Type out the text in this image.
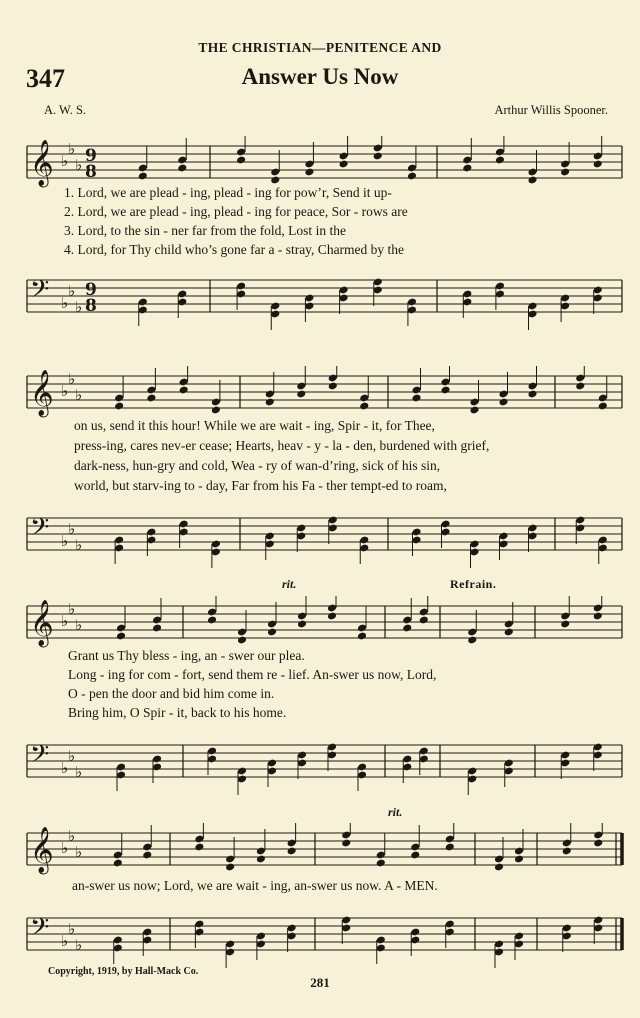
THE CHRISTIAN—PENITENCE AND
347	Answer Us Now
A. W. S.	Arthur Willis Spooner.
𝄞 ♭
♭
♭ 9
8
1. Lord, we are plead - ing, plead - ing for pow’r, Send it up-
2. Lord, we are plead - ing, plead - ing for peace, Sor - rows are
3. Lord, to the sin - ner far from the fold, Lost in the
4. Lord, for Thy child who’s gone far a - stray, Charmed by the
𝄢 ♭
♭
♭
9
8
𝄞 ♭
♭
♭
on us, send it this hour! While we are wait - ing, Spir - it, for Thee,
press-ing, cares nev-er cease; Hearts, heav - y - la - den, burdened with grief,
dark-ness, hun-gry and cold, Wea - ry of wan-d’ring, sick of his sin,
world, but starv-ing to - day, Far from his Fa - ther tempt-ed to roam,
𝄢 ♭
♭
♭
rit.	Refrain.
𝄞 ♭
♭
♭
Grant us Thy bless - ing, an - swer our plea.
Long - ing for com - fort, send them re - lief. An-swer us now, Lord,
O - pen the door and bid him come in.
Bring him, O Spir - it, back to his home.
𝄢 ♭
♭
♭
rit.
𝄞 ♭
♭
♭
an-swer us now; Lord, we are wait - ing, an-swer us now. A - MEN.
𝄢 ♭
♭
♭
Copyright, 1919, by Hall-Mack Co.
281
